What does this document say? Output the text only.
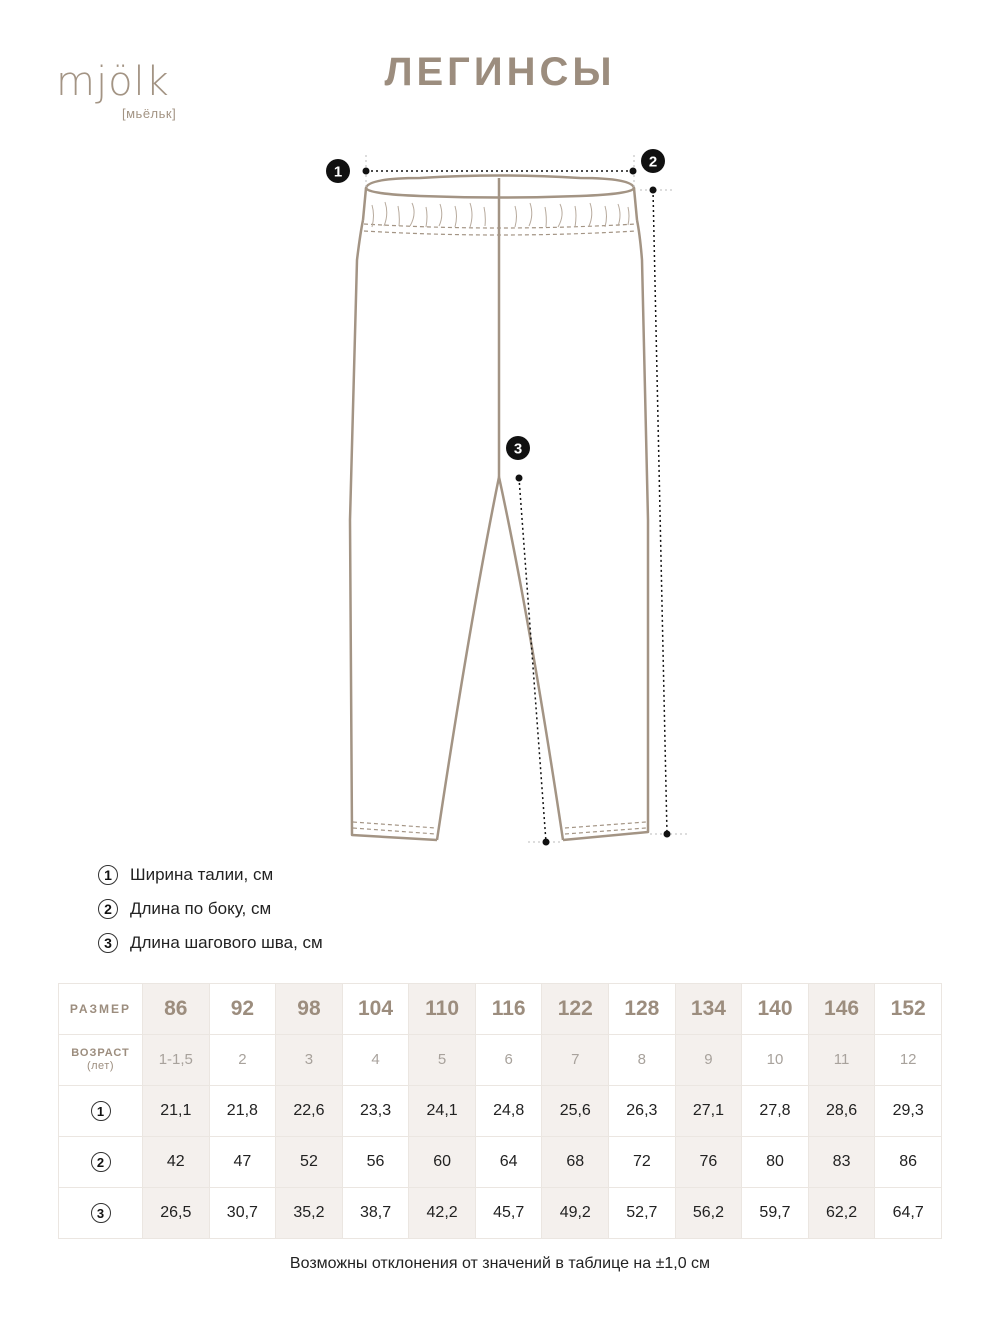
mjölk
[мьёльк]
ЛЕГИНСЫ
1
2
3
1	Ширина талии, см
2	Длина по боку, см
3	Длина шагового шва, см
РАЗМЕР	86	92	98	104	110	116	122	128	134	140	146	152

ВОЗРАСТ
(лет)	1-1,5	2	3	4	5	6	7	8	9	10	11	12
1	21,1	21,8	22,6	23,3	24,1	24,8	25,6	26,3	27,1	27,8	28,6	29,3
2	42	47	52	56	60	64	68	72	76	80	83	86
3	26,5	30,7	35,2	38,7	42,2	45,7	49,2	52,7	56,2	59,7	62,2	64,7
Возможны отклонения от значений в таблице на ±1,0 см
